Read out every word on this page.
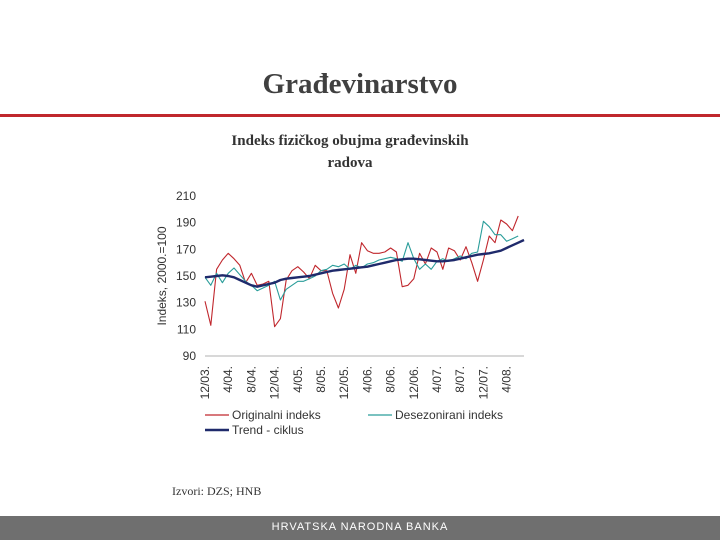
Građevinarstvo
Indeks fizičkog obujma građevinskih
radova
Indeks, 2000.=100
90
110
130
150
170
190
210
12/03. 4/04. 8/04. 12/04. 4/05. 8/05. 12/05. 4/06. 8/06. 12/06. 4/07. 8/07. 12/07. 4/08.
Originalni indeks	Desezonirani indeks
Trend - ciklus
Izvori: DZS; HNB
HRVATSKA NARODNA BANKA
